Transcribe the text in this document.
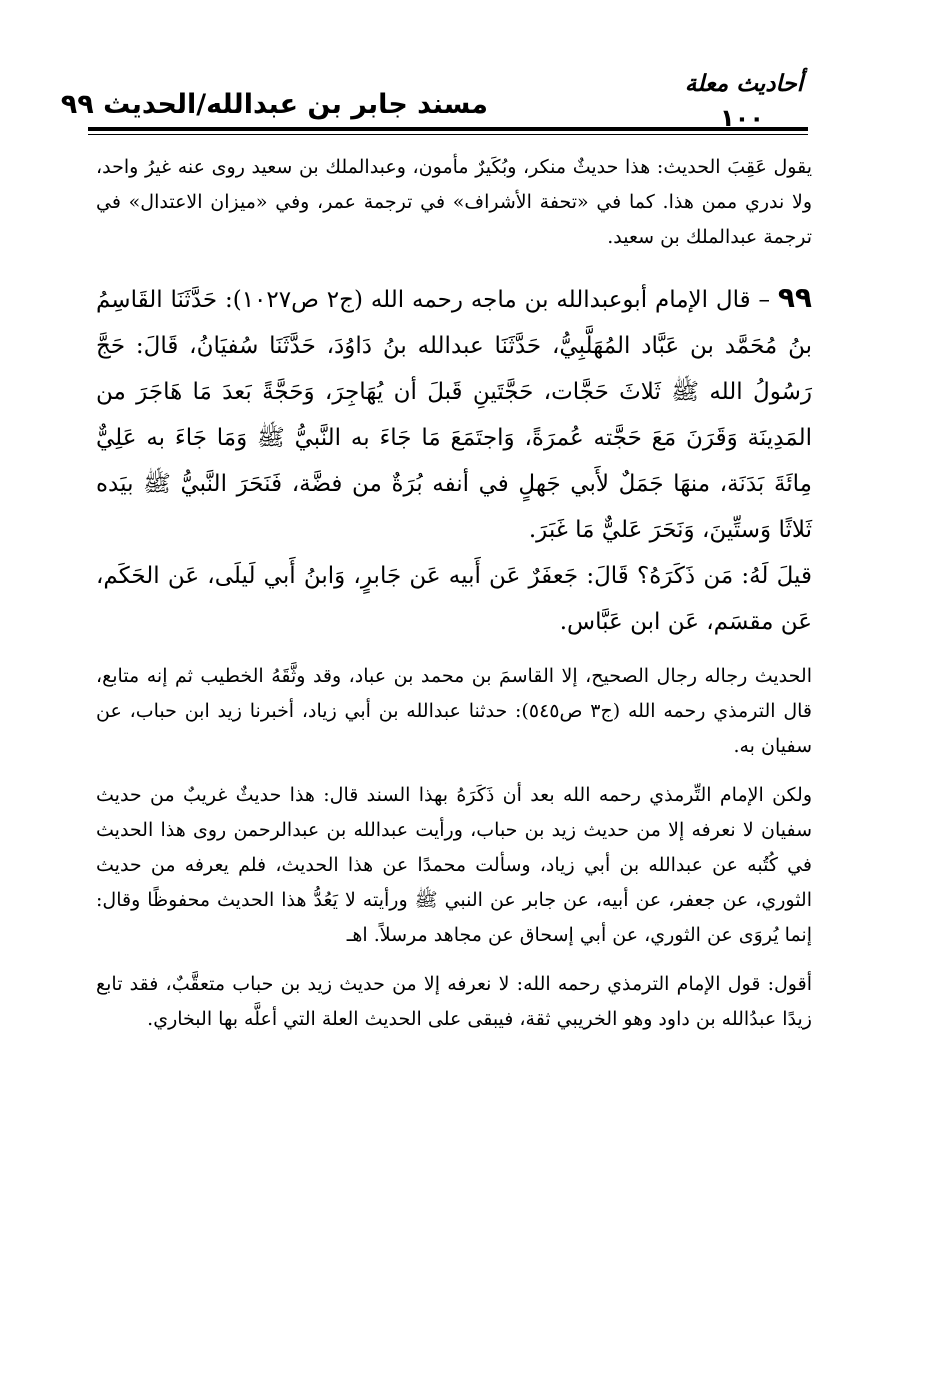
أحاديث معلة
١٠٠
مسند جابر بن عبدالله/الحديث ٩٩

يقول عَقِبَ الحديث: هذا حديثٌ منكر، وبُكَيرٌ مأمون، وعبدالملك بن سعيد روى عنه غيرُ واحد، ولا ندري ممن هذا. كما في «تحفة الأشراف» في ترجمة عمر، وفي «ميزان الاعتدال» في ترجمة عبدالملك بن سعيد.

٩٩ – قال الإمام أبوعبدالله بن ماجه رحمه الله (ج٢ ص١٠٢٧): حَدَّثَنَا القَاسِمُ بنُ مُحَمَّد بن عَبَّاد المُهَلَّبِيُّ، حَدَّثَنَا عبدالله بنُ دَاوُدَ، حَدَّثَنَا سُفيَانُ، قَالَ: حَجَّ رَسُولُ الله ﷺ ثَلاثَ حَجَّات، حَجَّتَينِ قَبلَ أن يُهَاجِرَ، وَحَجَّةً بَعدَ مَا هَاجَرَ من المَدِينَة وَقَرَنَ مَعَ حَجَّته عُمرَةً، وَاجتَمَعَ مَا جَاءَ به النَّبيُّ ﷺ وَمَا جَاءَ به عَلِيٌّ مِائَةَ بَدَنَة، منهَا جَمَلٌ لأَبي جَهلٍ في أنفه بُرَةٌ من فضَّة، فَنَحَرَ النَّبيُّ ﷺ بيَده ثَلاثًا وَستِّينَ، وَنَحَرَ عَليٌّ مَا غَبَرَ.

قيلَ لَهُ: مَن ذَكَرَهُ؟ قَالَ: جَعفَرٌ عَن أَبيه عَن جَابرٍ، وَابنُ أَبي لَيلَى، عَن الحَكَم، عَن مقسَم، عَن ابن عَبَّاس.

الحديث رجاله رجال الصحيح، إلا القاسمَ بن محمد بن عباد، وقد وثَّقَهُ الخطيب ثم إنه متابع، قال الترمذي رحمه الله (ج٣ ص٥٤٥): حدثنا عبدالله بن أبي زياد، أخبرنا زيد ابن حباب، عن سفيان به.

ولكن الإمام التِّرمذي رحمه الله بعد أن ذَكَرَهُ بهذا السند قال: هذا حديثٌ غريبٌ من حديث سفيان لا نعرفه إلا من حديث زيد بن حباب، ورأيت عبدالله بن عبدالرحمن روى هذا الحديث في كُتُبه عن عبدالله بن أبي زياد، وسألت محمدًا عن هذا الحديث، فلم يعرفه من حديث الثوري، عن جعفر، عن أبيه، عن جابر عن النبي ﷺ ورأيته لا يَعُدُّ هذا الحديث محفوظًا وقال: إنما يُروَى عن الثوري، عن أبي إسحاق عن مجاهد مرسلاً. اهـ

أقول: قول الإمام الترمذي رحمه الله: لا نعرفه إلا من حديث زيد بن حباب متعقَّبٌ، فقد تابع زيدًا عبدُالله بن داود وهو الخريبي ثقة، فيبقى على الحديث العلة التي أعلَّه بها البخاري.
